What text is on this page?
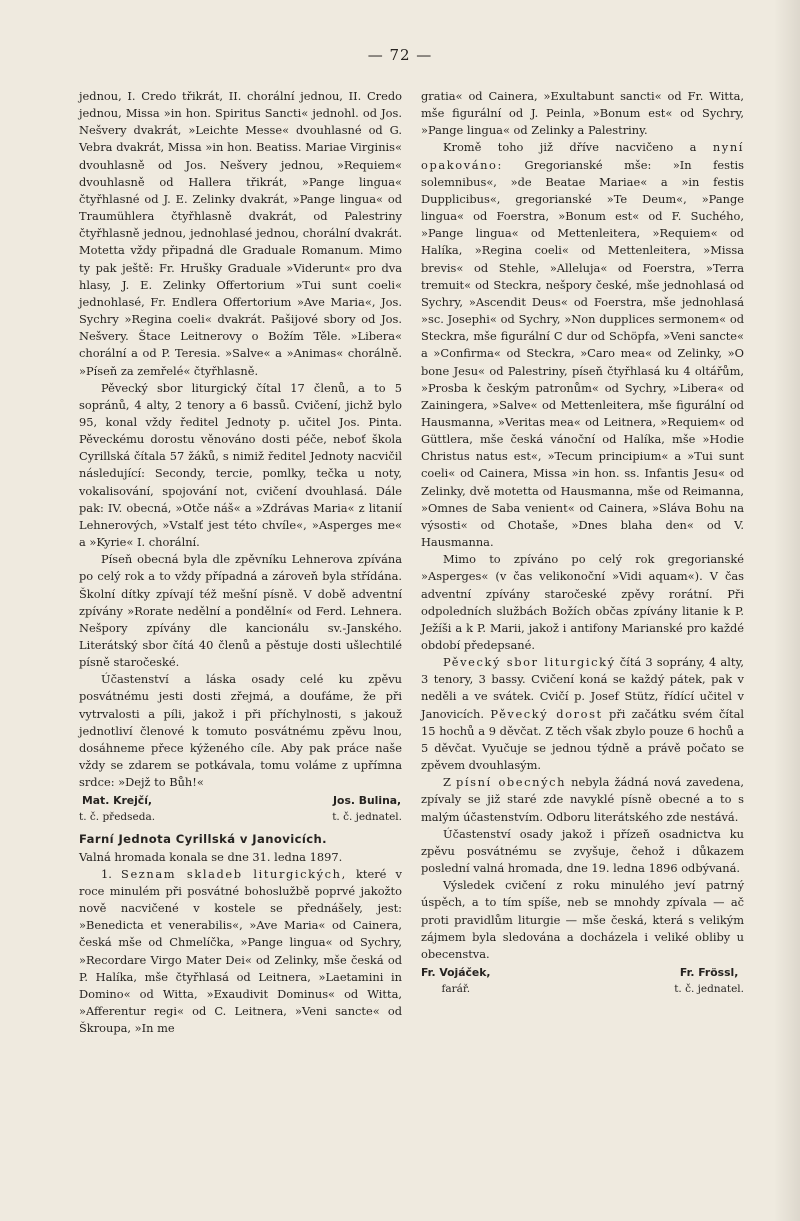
— 72 —

jednou, I. Credo třikrát, II. chorální jednou, II. Credo jednou, Missa »in hon. Spiritus Sancti« jednohl. od Jos. Nešvery dvakrát, »Leichte Messe« dvouhlasné od G. Vebra dvakrát, Missa »in hon. Beatiss. Mariae Virginis« dvouhlasně od Jos. Nešvery jednou, »Requiem« dvouhlasně od Hallera třikrát, »Pange lingua« čtyřhlasné od J. E. Zelinky dvakrát, »Pange lingua« od Traumühlera čtyřhlasně dvakrát, od Palestriny čtyřhlasně jednou, jednohlasé jednou, chorální dvakrát. Motetta vždy připadná dle Graduale Romanum. Mimo ty pak ještě: Fr. Hrušky Graduale »Viderunt« pro dva hlasy, J. E. Zelinky Offertorium »Tui sunt coeli« jednohlasé, Fr. Endlera Offertorium »Ave Maria«, Jos. Sychry »Regina coeli« dvakrát. Pašijové sbory od Jos. Nešvery. Štace Leitnerovy o Božím Těle. »Libera« chorální a od P. Teresia. »Salve« a »Animas« chorálně. »Píseň za zemřelé« čtyřhlasně.

Pěvecký sbor liturgický čítal 17 členů, a to 5 sopránů, 4 alty, 2 tenory a 6 bassů. Cvičení, jichž bylo 95, konal vždy ředitel Jednoty p. učitel Jos. Pinta. Pěveckému dorostu věnováno dosti péče, neboť škola Cyrillská čítala 57 žáků, s nimiž ředitel Jednoty nacvičil následující: Secondy, tercie, pomlky, tečka u noty, vokalisování, spojování not, cvičení dvouhlasá. Dále pak: IV. obecná, »Otče náš« a »Zdrávas Maria« z litanií Lehnerových, »Vstalť jest této chvíle«, »Asperges me« a »Kyrie« I. chorální.

Píseň obecná byla dle zpěvníku Lehnerova zpívána po celý rok a to vždy případná a zároveň byla střídána. Školní dítky zpívají též mešní písně. V době adventní zpívány »Rorate nedělní a pondělní« od Ferd. Lehnera. Nešpory zpívány dle kancionálu sv.-Janského. Literátský sbor čítá 40 členů a pěstuje dosti ušlechtilé písně staročeské.

Účastenství a láska osady celé ku zpěvu posvátnému jesti dosti zřejmá, a doufáme, že při vytrvalosti a píli, jakož i při příchylnosti, s jakouž jednotliví členové k tomuto posvátnému zpěvu lnou, dosáhneme přece kýženého cíle. Aby pak práce naše vždy se zdarem se potkávala, tomu voláme z upřímna srdce: »Dejž to Bůh!«

Mat. Krejčí,
t. č. předseda.
Jos. Bulina,
t. č. jednatel.

Farní Jednota Cyrillská v Janovicích.

Valná hromada konala se dne 31. ledna 1897.

1. Seznam skladeb liturgických, které v roce minulém při posvátné bohoslužbě poprvé jakožto nově nacvičené v kostele se přednášely, jest: »Benedicta et venerabilis«, »Ave Maria« od Cainera, česká mše od Chmelíčka, »Pange lingua« od Sychry, »Recordare Virgo Mater Dei« od Zelinky, mše česká od P. Halíka, mše čtyřhlasá od Leitnera, »Laetamini in Domino« od Witta, »Exaudivit Dominus« od Witta, »Afferentur regi« od C. Leitnera, »Veni sancte« od Škroupa, »In me

gratia« od Cainera, »Exultabunt sancti« od Fr. Witta, mše figurální od J. Peinla, »Bonum est« od Sychry, »Pange lingua« od Zelinky a Palestriny.

Kromě toho již dříve nacvičeno a nyní opakováno: Gregorianské mše: »In festis solemnibus«, »de Beatae Mariae« a »in festis Dupplicibus«, gregorianské »Te Deum«, »Pange lingua« od Foerstra, »Bonum est« od F. Suchého, »Pange lingua« od Mettenleitera, »Requiem« od Halíka, »Regina coeli« od Mettenleitera, »Missa brevis« od Stehle, »Alleluja« od Foerstra, »Terra tremuit« od Steckra, nešpory české, mše jednohlasá od Sychry, »Ascendit Deus« od Foerstra, mše jednohlasá »sc. Josephi« od Sychry, »Non dupplices sermonem« od Steckra, mše figurální C dur od Schöpfa, »Veni sancte« a »Confirma« od Steckra, »Caro mea« od Zelinky, »O bone Jesu« od Palestriny, píseň čtyřhlasá ku 4 oltářům, »Prosba k českým patronům« od Sychry, »Libera« od Zainingera, »Salve« od Mettenleitera, mše figurální od Hausmanna, »Veritas mea« od Leitnera, »Requiem« od Güttlera, mše česká vánoční od Halíka, mše »Hodie Christus natus est«, »Tecum principium« a »Tui sunt coeli« od Cainera, Missa »in hon. ss. Infantis Jesu« od Zelinky, dvě motetta od Hausmanna, mše od Reimanna, »Omnes de Saba venient« od Cainera, »Sláva Bohu na výsosti« od Chotaše, »Dnes blaha den« od V. Hausmanna.

Mimo to zpíváno po celý rok gregorianské »Asperges« (v čas velikonoční »Vidi aquam«). V čas adventní zpívány staročeské zpěvy rorátní. Při odpoledních službách Božích občas zpívány litanie k P. Ježíši a k P. Marii, jakož i antifony Marianské pro každé období předepsané.

Pěvecký sbor liturgický čítá 3 soprány, 4 alty, 3 tenory, 3 bassy. Cvičení koná se každý pátek, pak v neděli a ve svátek. Cvičí p. Josef Stütz, řídící učitel v Janovicích. Pěvecký dorost při začátku svém čítal 15 hochů a 9 děvčat. Z těch však zbylo pouze 6 hochů a 5 děvčat. Vyučuje se jednou týdně a právě počato se zpěvem dvouhlasým.

Z písní obecných nebyla žádná nová zavedena, zpívaly se již staré zde navyklé písně obecné a to s malým účastenstvím. Odboru literátského zde nestává.

Účastenství osady jakož i přízeň osadnictva ku zpěvu posvátnému se zvyšuje, čehož i důkazem poslední valná hromada, dne 19. ledna 1896 odbývaná.

Výsledek cvičení z roku minulého jeví patrný úspěch, a to tím spíše, neb se mnohdy zpívala — ač proti pravidlům liturgie — mše česká, která s velikým zájmem byla sledována a docházela i veliké obliby u obecenstva.

Fr. Vojáček,
farář.
Fr. Frössl,
t. č. jednatel.
